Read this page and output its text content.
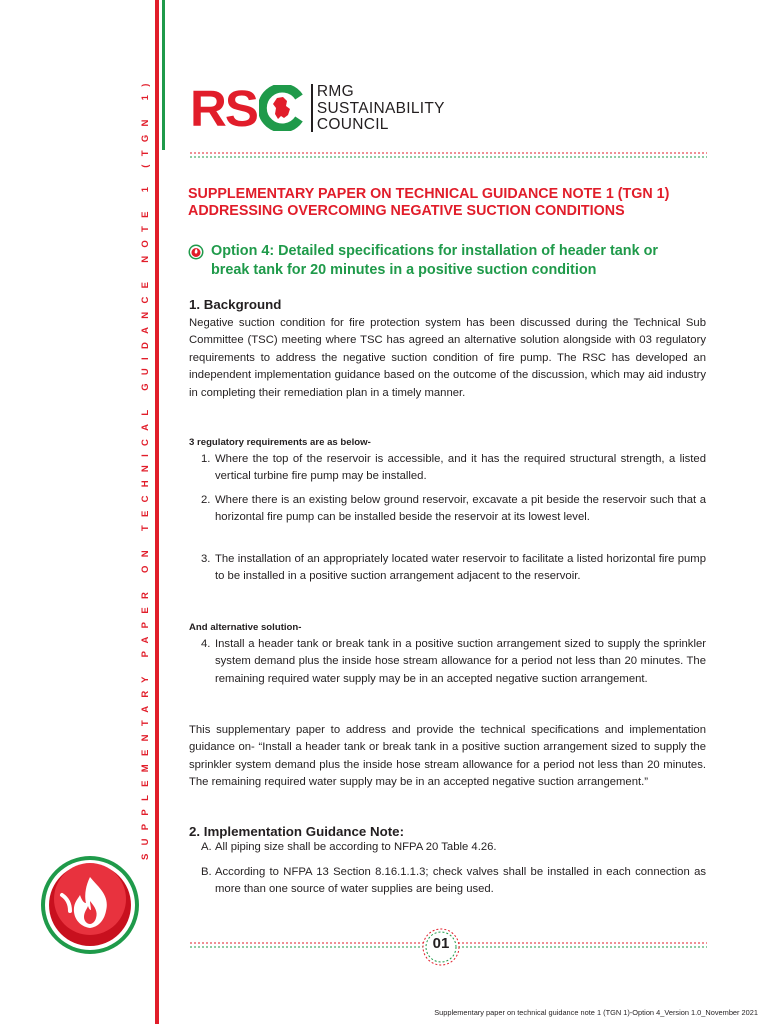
SUPPLEMENTARY PAPER ON TECHNICAL GUIDANCE NOTE 1 (TGN 1) RS	RMG
SUSTAINABILITY
COUNCIL
SUPPLEMENTARY PAPER ON TECHNICAL GUIDANCE NOTE 1 (TGN 1)
ADDRESSING OVERCOMING NEGATIVE SUCTION CONDITIONS
Option 4: Detailed specifications for installation of header tank or
break tank for 20 minutes in a positive suction condition
1. Background
Negative suction condition for fire protection system has been discussed during the Technical Sub Committee (TSC) meeting where TSC has agreed an alternative solution alongside with 03 regulatory requirements to address the negative suction condition of fire pump. The RSC has developed an independent implementation guidance based on the outcome of the discussion, which may aid industry in completing their remediation plan in a timely manner.
3 regulatory requirements are as below-
1. Where the top of the reservoir is accessible, and it has the required structural strength, a listed vertical turbine fire pump may be installed.
2. Where there is an existing below ground reservoir, excavate a pit beside the reservoir such that a horizontal fire pump can be installed beside the reservoir at its lowest level.
3. The installation of an appropriately located water reservoir to facilitate a listed horizontal fire pump to be installed in a positive suction arrangement adjacent to the reservoir.
And alternative solution-
4. Install a header tank or break tank in a positive suction arrangement sized to supply the sprinkler system demand plus the inside hose stream allowance for a period not less than 20 minutes. The remaining required water supply may be in an accepted negative suction arrangement.
This supplementary paper to address and provide the technical specifications and implementation guidance on- “Install a header tank or break tank in a positive suction arrangement sized to supply the sprinkler system demand plus the inside hose stream allowance for a period not less than 20 minutes. The remaining required water supply may be in an accepted negative suction arrangement.”
2. Implementation Guidance Note:
A. All piping size shall be according to NFPA 20 Table 4.26.
B. According to NFPA 13 Section 8.16.1.1.3; check valves shall be installed in each connection as more than one source of water supplies are being used.
01
Supplementary paper on technical guidance note 1 (TGN 1)-Option 4_Version 1.0_November 2021
